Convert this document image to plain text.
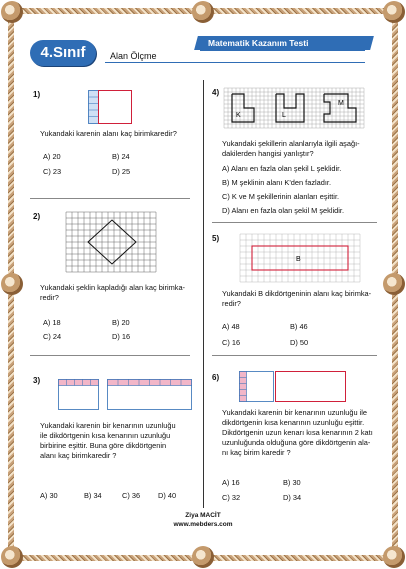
4.Sınıf	Alan Ölçme
Matematik Kazanım Testi
1)
Yukandaki karenin alanı kaç birimkaredir?
A) 20	B) 24
C) 23	D) 25
2)
Yukandaki şeklin kapladığı alan kaç birimka-
redir?
A) 18	B) 20
C) 24	D) 16
3)
Yukandaki karenin bir kenarının uzunluğu
ile dikdörtgenin kısa kenarının uzunluğu
birbirine eşittir. Buna göre dikdörtgenin
alanı kaç birimkaredir ?
A) 30	B) 34	C) 36 D) 40
4)
K	L
M
Yukandaki şekillerin alanlarıyla ilgili aşağı-
dakilerden hangisi yanlıştır?
A) Alanı en fazla olan şekil L şeklidir.
B) M şeklinin alanı K'den fazladır.
C) K ve M şekillerinin alanları eşittir.
D) Alanı en fazla olan şekil M şeklidir.
5)
B
Yukandaki B dikdörtgeninin alanı kaç birimka-
redir?
A) 48	B) 46
C) 16	D) 50
6)
Yukandaki karenin bir kenarının uzunluğu ile
dikdörtgenin kısa kenarının uzunluğu eşittir.
Dikdörtgenin uzun kenarı kısa kenarının 2 katı
uzunluğunda olduğuna göre dikdörtgenin ala-
nı kaç birim karedir ?
A) 16	B) 30
C) 32	D) 34
Ziya MACİT
www.mebders.com
